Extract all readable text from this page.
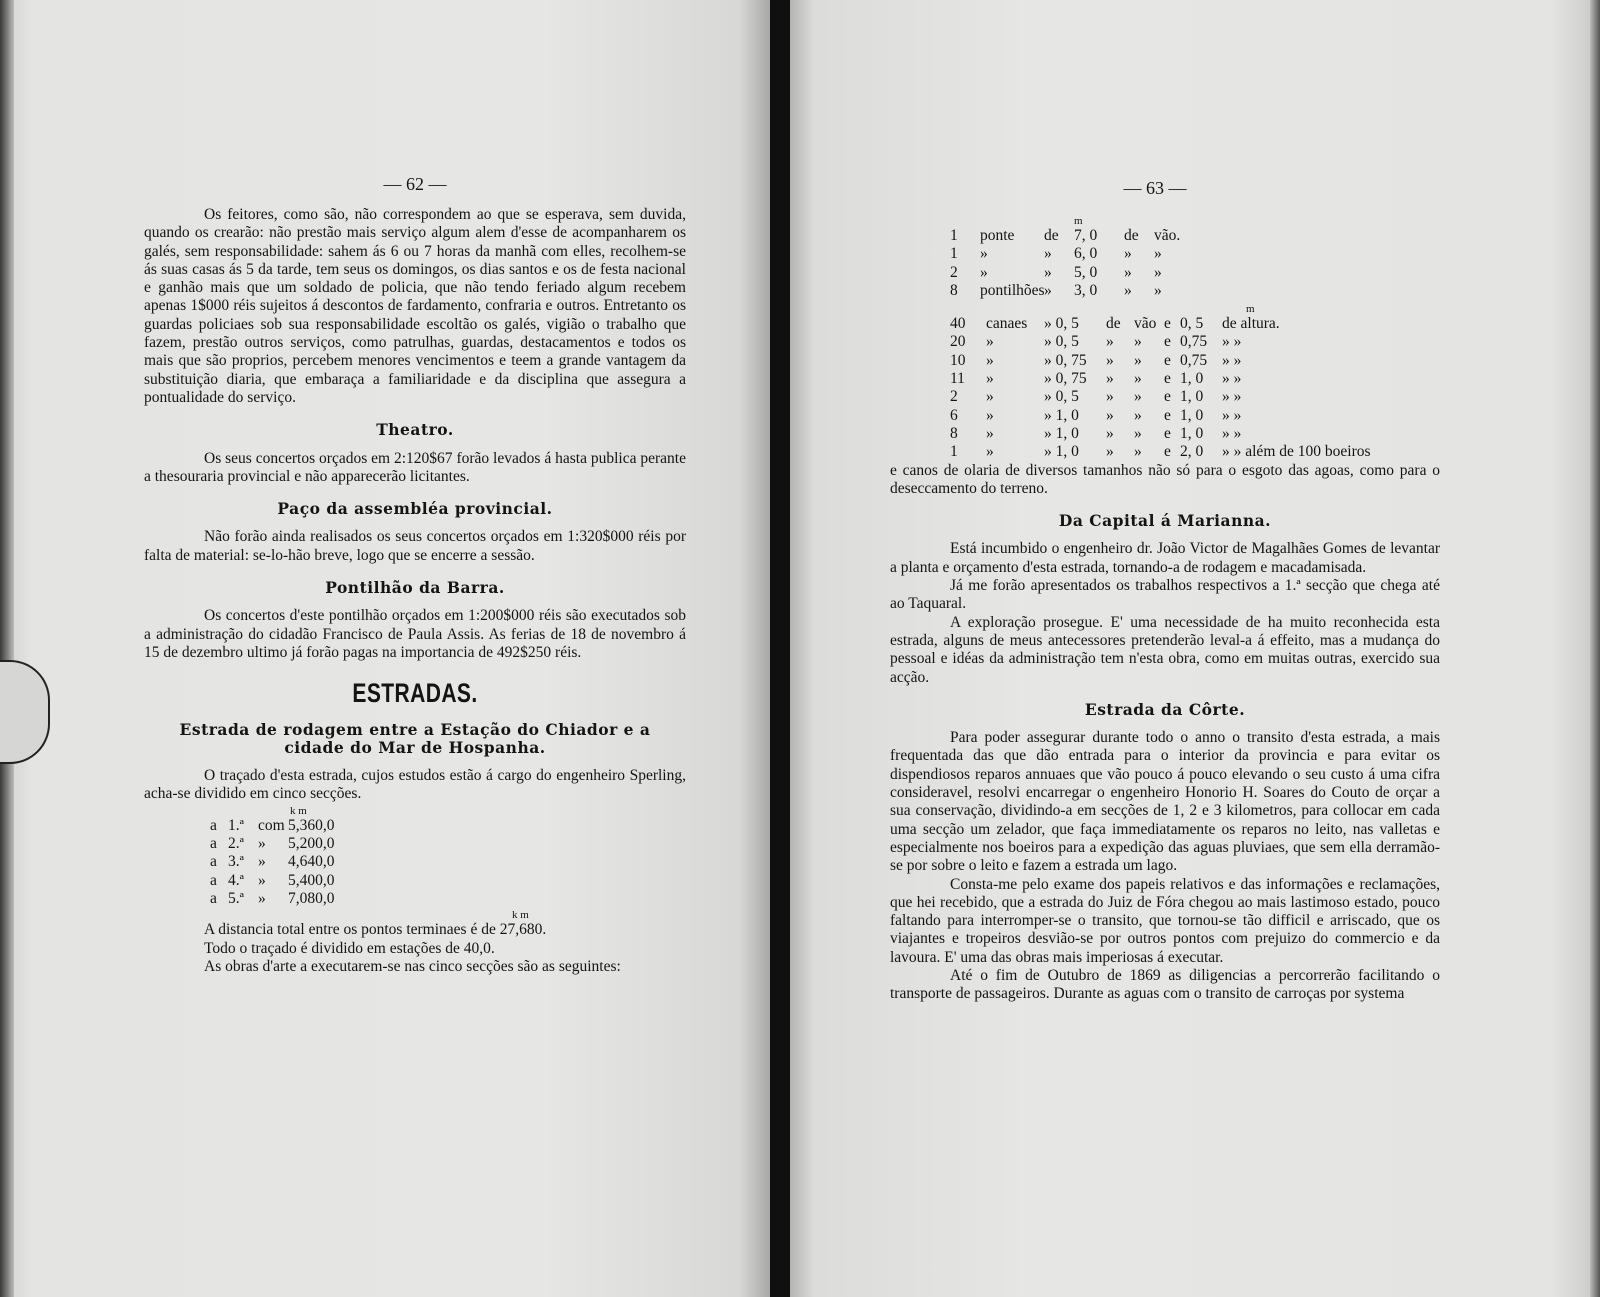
— 62 —

Os feitores, como são, não correspondem ao que se esperava, sem duvida, quando os crearão: não prestão mais serviço algum alem d'esse de acompanharem os galés, sem responsabilidade: sahem ás 6 ou 7 horas da manhã com elles, recolhem-se ás suas casas ás 5 da tarde, tem seus os domingos, os dias santos e os de festa nacional e ganhão mais que um soldado de policia, que não tendo feriado algum recebem apenas 1$000 réis sujeitos á descontos de fardamento, confraria e outros. Entretanto os guardas policiaes sob sua responsabilidade escoltão os galés, vigião o trabalho que fazem, prestão outros serviços, como patrulhas, guardas, destacamentos e todos os mais que são proprios, percebem menores vencimentos e teem a grande vantagem da substituição diaria, que embaraça a familiaridade e da disciplina que assegura a pontualidade do serviço.

Theatro.

Os seus concertos orçados em 2:120$67 forão levados á hasta publica perante a thesouraria provincial e não apparecerão licitantes.

Paço da assembléa provincial.

Não forão ainda realisados os seus concertos orçados em 1:320$000 réis por falta de material: se-lo-hão breve, logo que se encerre a sessão.

Pontilhão da Barra.

Os concertos d'este pontilhão orçados em 1:200$000 réis são executados sob a administração do cidadão Francisco de Paula Assis. As ferias de 18 de novembro á 15 de dezembro ultimo já forão pagas na importancia de 492$250 réis.

ESTRADAS.
Estrada de rodagem entre a Estação do Chiador e a
cidade do Mar de Hospanha.

O traçado d'esta estrada, cujos estudos estão á cargo do engenheiro Sperling, acha-se dividido em cinco secções.

k m
a 1.ª com 5,360,0
a 2.ª »	5,200,0
a 3.ª »	4,640,0
a 4.ª »	5,400,0
a 5.ª »	7,080,0
k m

A distancia total entre os pontos terminaes é de 27,680.

Todo o traçado é dividido em estações de 40,0.

As obras d'arte a executarem-se nas cinco secções são as seguintes:

— 63 —
m
1	ponte	de 7, 0	de vão.
1	»	»	6, 0	»	»
2	»	»	5, 0	»	»
8	pontilhões »	3, 0	»	»
m
40	canaes	» 0, 5	de vão e 0, 5	de altura.
20	»	» 0, 5	»	»	e 0,75 » »
10	»	» 0, 75	»	»	e 0,75 » »
11	»	» 0, 75	»	»	e 1, 0	» »
2	»	» 0, 5	»	»	e 1, 0	» »
6	»	» 1, 0	»	»	e 1, 0	» »
8	»	» 1, 0	»	»	e 1, 0	» »
1	»	» 1, 0	»	»	e 2, 0	» » além de 100 boeiros

e canos de olaria de diversos tamanhos não só para o esgoto das agoas, como para o deseccamento do terreno.

Da Capital á Marianna.

Está incumbido o engenheiro dr. João Victor de Magalhães Gomes de levantar a planta e orçamento d'esta estrada, tornando-a de rodagem e macadamisada.

Já me forão apresentados os trabalhos respectivos a 1.ª secção que chega até ao Taquaral.

A exploração prosegue. E' uma necessidade de ha muito reconhecida esta estrada, alguns de meus antecessores pretenderão leval-a á effeito, mas a mudança do pessoal e idéas da administração tem n'esta obra, como em muitas outras, exercido sua acção.

Estrada da Côrte.

Para poder assegurar durante todo o anno o transito d'esta estrada, a mais frequentada das que dão entrada para o interior da provincia e para evitar os dispendiosos reparos annuaes que vão pouco á pouco elevando o seu custo á uma cifra consideravel, resolvi encarregar o engenheiro Honorio H. Soares do Couto de orçar a sua conservação, dividindo-a em secções de 1, 2 e 3 kilometros, para collocar em cada uma secção um zelador, que faça immediatamente os reparos no leito, nas valletas e especialmente nos boeiros para a expedição das aguas pluviaes, que sem ella derramão-se por sobre o leito e fazem a estrada um lago.

Consta-me pelo exame dos papeis relativos e das informações e reclamações, que hei recebido, que a estrada do Juiz de Fóra chegou ao mais lastimoso estado, pouco faltando para interromper-se o transito, que tornou-se tão difficil e arriscado, que os viajantes e tropeiros desvião-se por outros pontos com prejuizo do commercio e da lavoura. E' uma das obras mais imperiosas á executar.

Até o fim de Outubro de 1869 as diligencias a percorrerão facilitando o transporte de passageiros. Durante as aguas com o transito de carroças por systema
